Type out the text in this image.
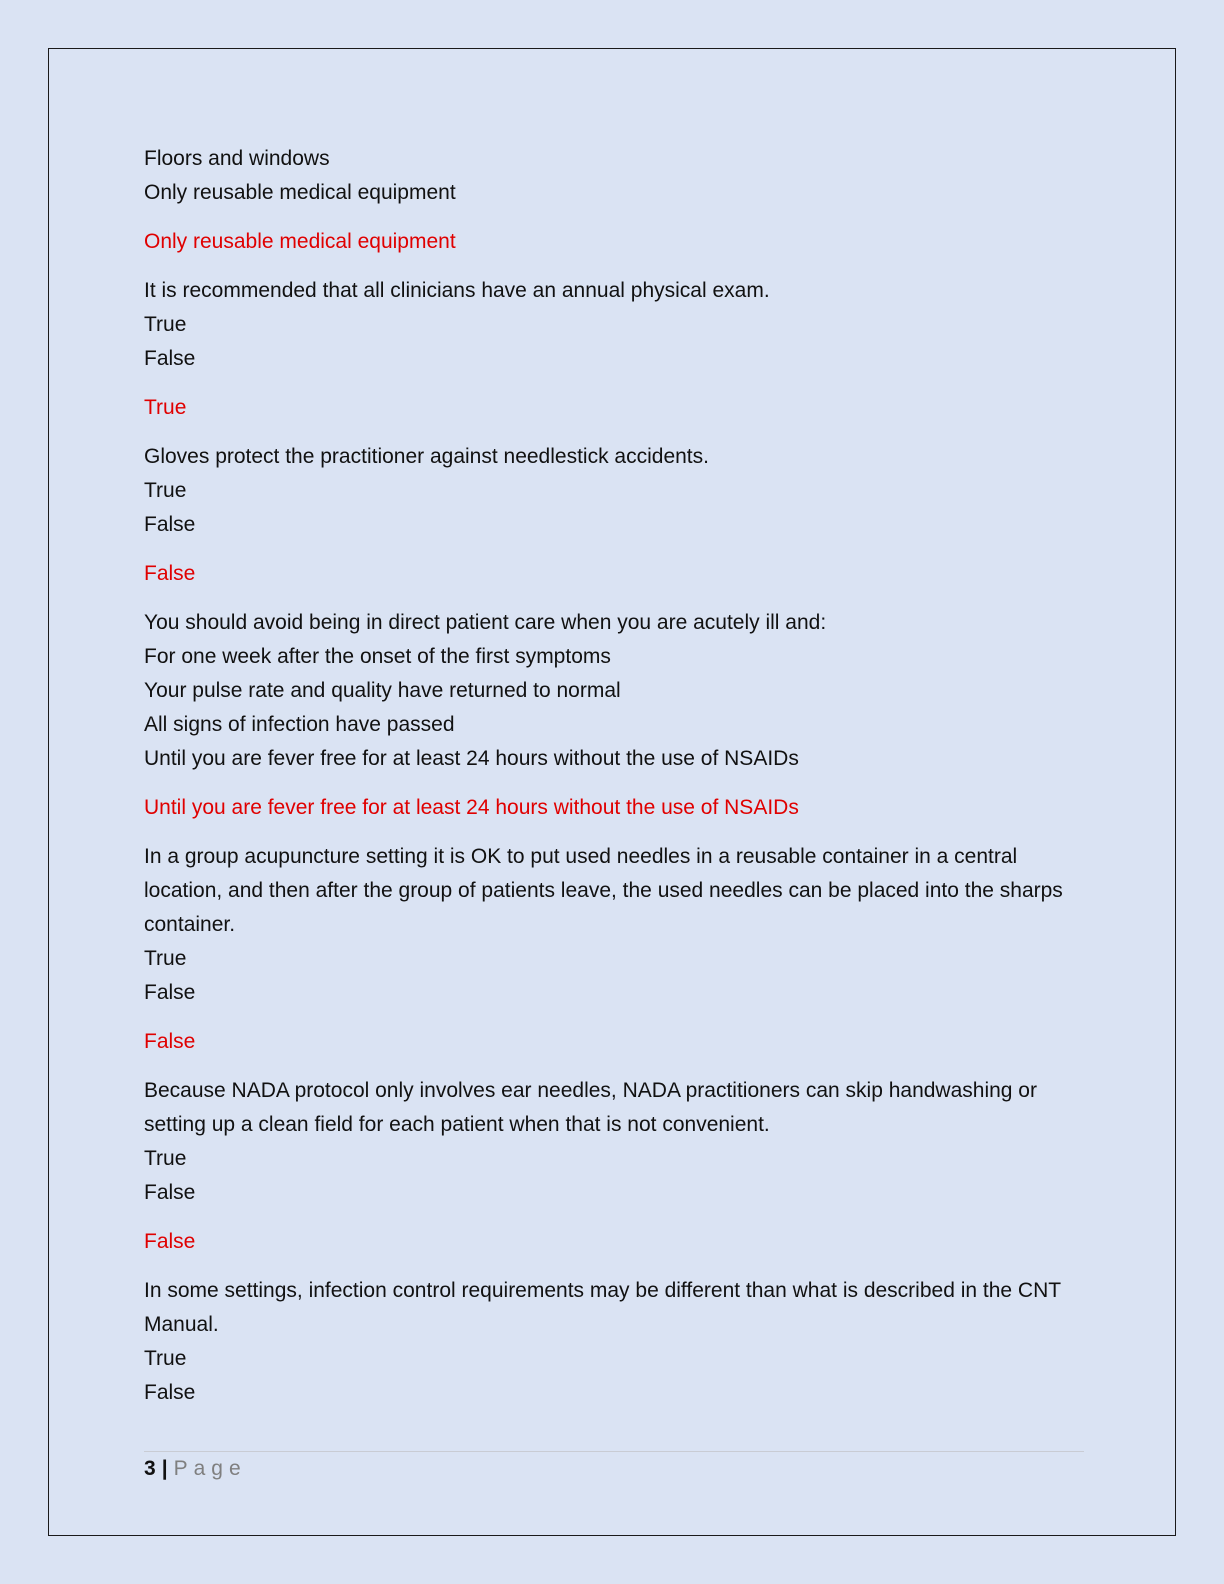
Floors and windows
Only reusable medical equipment
Only reusable medical equipment
It is recommended that all clinicians have an annual physical exam.
True
False
True
Gloves protect the practitioner against needlestick accidents.
True
False
False
You should avoid being in direct patient care when you are acutely ill and:
For one week after the onset of the first symptoms
Your pulse rate and quality have returned to normal
All signs of infection have passed
Until you are fever free for at least 24 hours without the use of NSAIDs
Until you are fever free for at least 24 hours without the use of NSAIDs
In a group acupuncture setting it is OK to put used needles in a reusable container in a central location, and then after the group of patients leave, the used needles can be placed into the sharps container.
True
False
False
Because NADA protocol only involves ear needles, NADA practitioners can skip handwashing or setting up a clean field for each patient when that is not convenient.
True
False
False
In some settings, infection control requirements may be different than what is described in the CNT Manual.
True
False
3 | Page
